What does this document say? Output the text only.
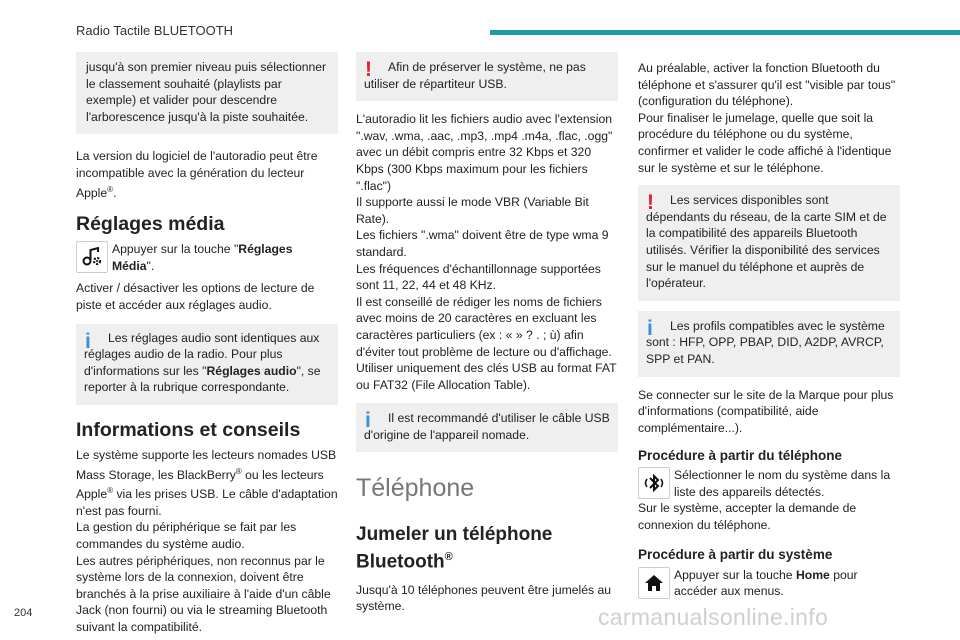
Radio Tactile BLUETOOTH

jusqu'à son premier niveau puis sélectionner le classement souhaité (playlists par exemple) et valider pour descendre l'arborescence jusqu'à la piste souhaitée.

La version du logiciel de l'autoradio peut être incompatible avec la génération du lecteur Apple®.

Réglages média

Appuyer sur la touche "Réglages Média".

Activer / désactiver les options de lecture de piste et accéder aux réglages audio.

i	Les réglages audio sont identiques aux réglages audio de la radio. Pour plus d'informations sur les "Réglages audio", se reporter à la rubrique correspondante.

Informations et conseils

Le système supporte les lecteurs nomades USB Mass Storage, les BlackBerry® ou les lecteurs Apple® via les prises USB. Le câble d'adaptation n'est pas fourni.

La gestion du périphérique se fait par les commandes du système audio.

Les autres périphériques, non reconnus par le système lors de la connexion, doivent être branchés à la prise auxiliaire à l'aide d'un câble Jack (non fourni) ou via le streaming Bluetooth suivant la compatibilité.

!	Afin de préserver le système, ne pas utiliser de répartiteur USB.

L'autoradio lit les fichiers audio avec l'extension ".wav, .wma, .aac, .mp3, .mp4 .m4a, .flac, .ogg" avec un débit compris entre 32 Kbps et 320 Kbps (300 Kbps maximum pour les fichiers ".flac")

Il supporte aussi le mode VBR (Variable Bit Rate).

Les fichiers ".wma" doivent être de type wma 9 standard.

Les fréquences d'échantillonnage supportées sont 11, 22, 44 et 48 KHz.

Il est conseillé de rédiger les noms de fichiers avec moins de 20 caractères en excluant les caractères particuliers (ex : « » ? . ; ù) afin d'éviter tout problème de lecture ou d'affichage.

Utiliser uniquement des clés USB au format FAT ou FAT32 (File Allocation Table).

i	Il est recommandé d'utiliser le câble USB d'origine de l'appareil nomade.

Téléphone
Jumeler un téléphone Bluetooth®

Jusqu'à 10 téléphones peuvent être jumelés au système.

Au préalable, activer la fonction Bluetooth du téléphone et s'assurer qu'il est "visible par tous" (configuration du téléphone).

Pour finaliser le jumelage, quelle que soit la procédure du téléphone ou du système, confirmer et valider le code affiché à l'identique sur le système et sur le téléphone.

!	Les services disponibles sont dépendants du réseau, de la carte SIM et de la compatibilité des appareils Bluetooth utilisés. Vérifier la disponibilité des services sur le manuel du téléphone et auprès de l'opérateur.

i	Les profils compatibles avec le système sont : HFP, OPP, PBAP, DID, A2DP, AVRCP, SPP et PAN.

Se connecter sur le site de la Marque pour plus d'informations (compatibilité, aide complémentaire...).

Procédure à partir du téléphone

Sélectionner le nom du système dans la liste des appareils détectés.

Sur le système, accepter la demande de connexion du téléphone.

Procédure à partir du système

Appuyer sur la touche Home pour accéder aux menus.

204	carmanualsonline.info
